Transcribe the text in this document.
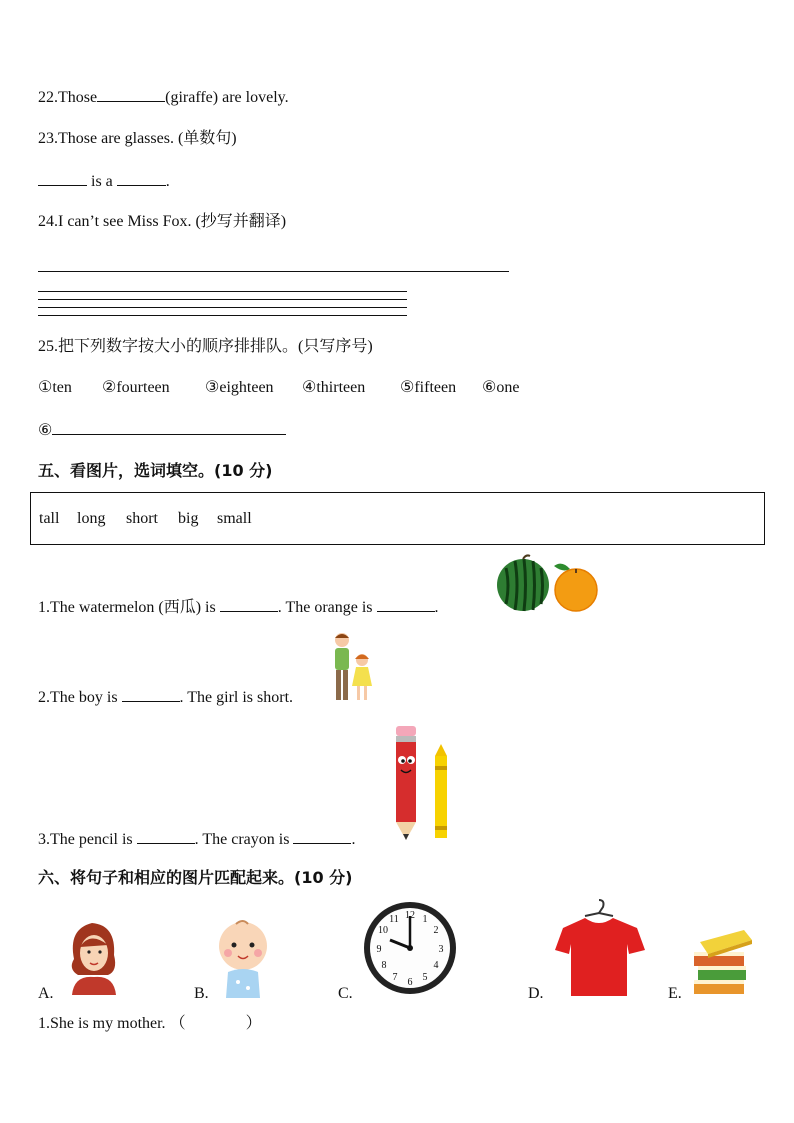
22.Those	(giraffe) are lovely.
23.Those are glasses. (单数句)
is a	.
24.I can’t see Miss Fox. (抄写并翻译)
25.把下列数字按大小的顺序排排队。(只写序号)
①ten ②fourteen ③eighteen ④thirteen ⑤fifteen ⑥one
⑥
五、看图片，选词填空。(10 分)
tall long short big small
1.The watermelon (西瓜) is	. The orange is	.
2.The boy is	. The girl is short.
3.The pencil is	. The crayon is	.
六、将句子和相应的图片匹配起来。(10 分)
12 1
2
3
4
5
6
7
8
9
10
11
A.	B.	C.	D.	E.
1.She is my mother. （	）
